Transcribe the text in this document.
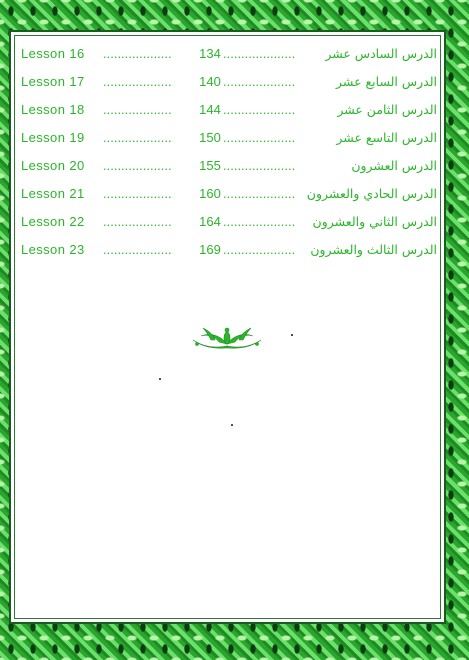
Lesson 16 ...................	134 ....................	الدرس السادس عشر
Lesson 17 ...................	140 ....................	الدرس السابع عشر
Lesson 18 ...................	144 ....................	الدرس الثامن عشر
Lesson 19 ...................	150 ....................	الدرس التاسع عشر
Lesson 20 ...................	155 ....................	الدرس العشرون
Lesson 21 ...................	160 .................... الدرس الحادي والعشرون
Lesson 22 ...................	164 ....................	الدرس الثاني والعشرون
Lesson 23 ...................	169 ....................	الدرس الثالث والعشرون
